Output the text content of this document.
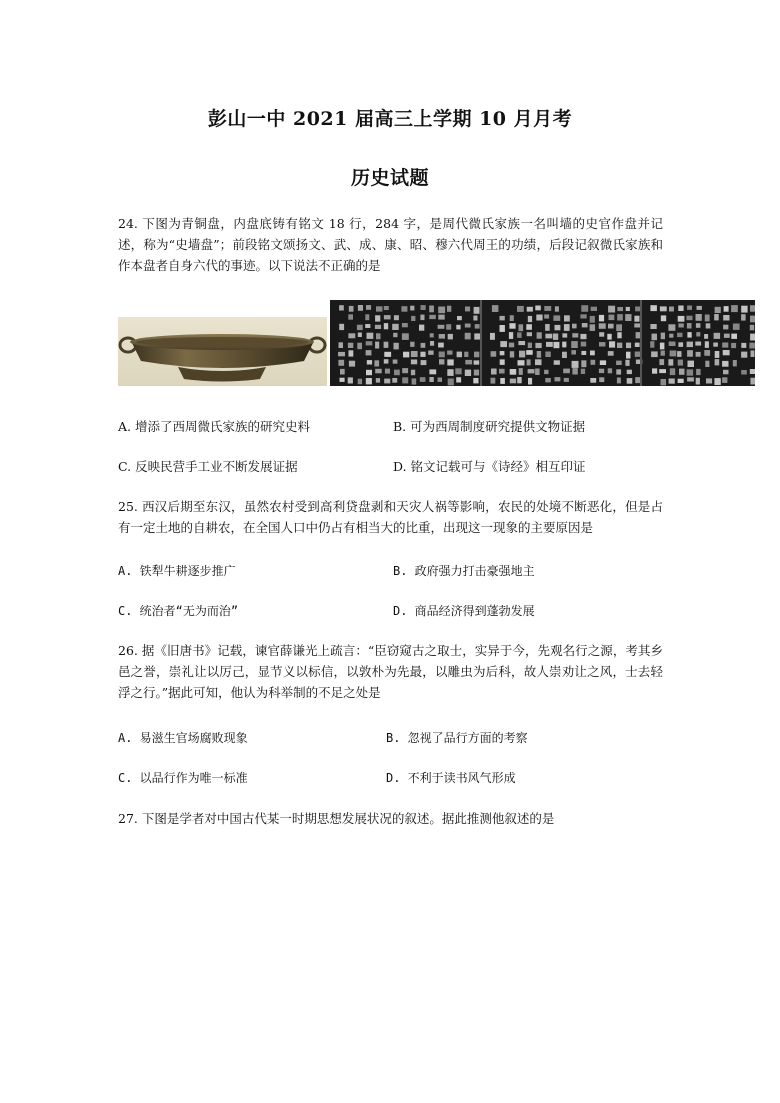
彭山一中 2021 届高三上学期 10 月月考
历史试题
24. 下图为青铜盘，内盘底铸有铭文 18 行，284 字，是周代微氏家族一名叫墙的史官作盘并记述，称为“史墙盘”；前段铭文颂扬文、武、成、康、昭、穆六代周王的功绩，后段记叙微氏家族和作本盘者自身六代的事迹。以下说法不正确的是
A. 增添了西周微氏家族的研究史料	B. 可为西周制度研究提供文物证据
C. 反映民营手工业不断发展证据	D. 铭文记载可与《诗经》相互印证
25. 西汉后期至东汉，虽然农村受到高利贷盘剥和天灾人祸等影响，农民的处境不断恶化，但是占有一定土地的自耕农，在全国人口中仍占有相当大的比重，出现这一现象的主要原因是
A. 铁犁牛耕逐步推广	B. 政府强力打击豪强地主
C. 统治者“无为而治”	D. 商品经济得到蓬勃发展
26. 据《旧唐书》记载，谏官薛谦光上疏言：“臣窃窥古之取士，实异于今，先观名行之源，考其乡邑之誉，崇礼让以厉己，显节义以标信，以敦朴为先最，以雕虫为后科，故人崇劝让之风，士去轻浮之行。”据此可知，他认为科举制的不足之处是
A. 易滋生官场腐败现象	B. 忽视了品行方面的考察
C. 以品行作为唯一标准	D. 不利于读书风气形成
27. 下图是学者对中国古代某一时期思想发展状况的叙述。据此推测他叙述的是
